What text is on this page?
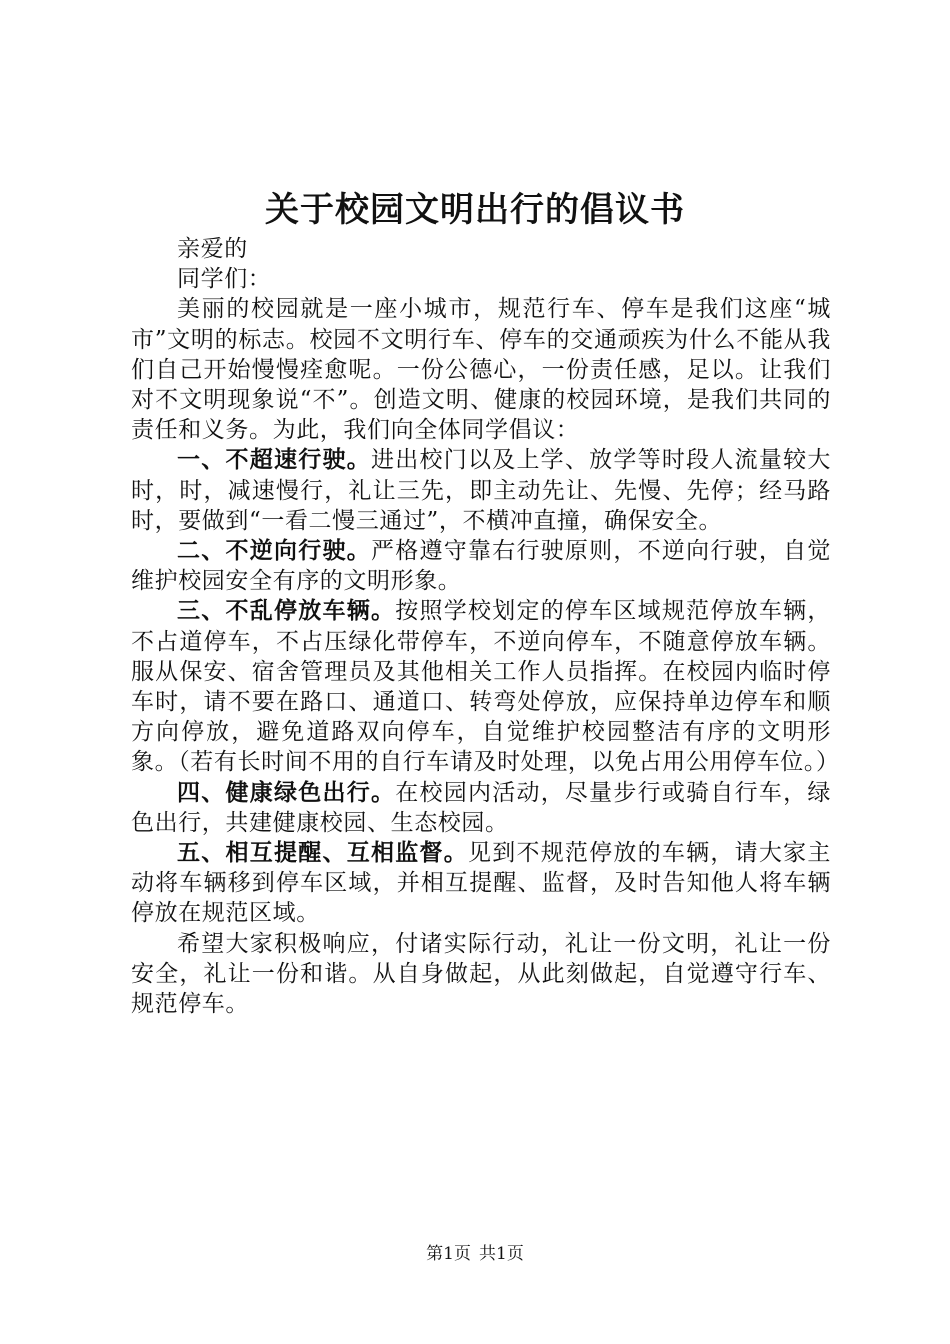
关于校园文明出行的倡议书

亲爱的

同学们：

美丽的校园就是一座小城市，规范行车、停车是我们这座“城市”文明的标志。校园不文明行车、停车的交通顽疾为什么不能从我们自己开始慢慢痊愈呢。一份公德心，一份责任感，足以。让我们对不文明现象说“不”。创造文明、健康的校园环境，是我们共同的责任和义务。为此，我们向全体同学倡议：

一、不超速行驶。进出校门以及上学、放学等时段人流量较大时，时，减速慢行，礼让三先，即主动先让、先慢、先停；经马路时，要做到“一看二慢三通过”，不横冲直撞，确保安全。

二、不逆向行驶。严格遵守靠右行驶原则，不逆向行驶，自觉维护校园安全有序的文明形象。

三、不乱停放车辆。按照学校划定的停车区域规范停放车辆，不占道停车，不占压绿化带停车，不逆向停车，不随意停放车辆。服从保安、宿舍管理员及其他相关工作人员指挥。在校园内临时停车时，请不要在路口、通道口、转弯处停放，应保持单边停车和顺方向停放，避免道路双向停车，自觉维护校园整洁有序的文明形象。（若有长时间不用的自行车请及时处理，以免占用公用停车位。）

四、健康绿色出行。在校园内活动，尽量步行或骑自行车，绿色出行，共建健康校园、生态校园。

五、相互提醒、互相监督。见到不规范停放的车辆，请大家主动将车辆移到停车区域，并相互提醒、监督，及时告知他人将车辆停放在规范区域。

希望大家积极响应，付诸实际行动，礼让一份文明，礼让一份安全，礼让一份和谐。从自身做起，从此刻做起，自觉遵守行车、规范停车。

第1页 共1页
